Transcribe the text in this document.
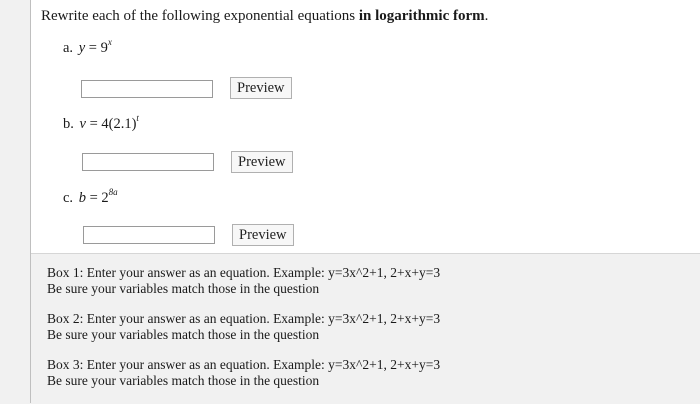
Rewrite each of the following exponential equations in logarithmic form.
a. $y = 9^x$
Preview
b. $v = 4(2.1)^t$
Preview
c. $b = 2^{8a}$
Preview
Box 1: Enter your answer as an equation. Example: y=3x^2+1, 2+x+y=3
Be sure your variables match those in the question
Box 2: Enter your answer as an equation. Example: y=3x^2+1, 2+x+y=3
Be sure your variables match those in the question
Box 3: Enter your answer as an equation. Example: y=3x^2+1, 2+x+y=3
Be sure your variables match those in the question
